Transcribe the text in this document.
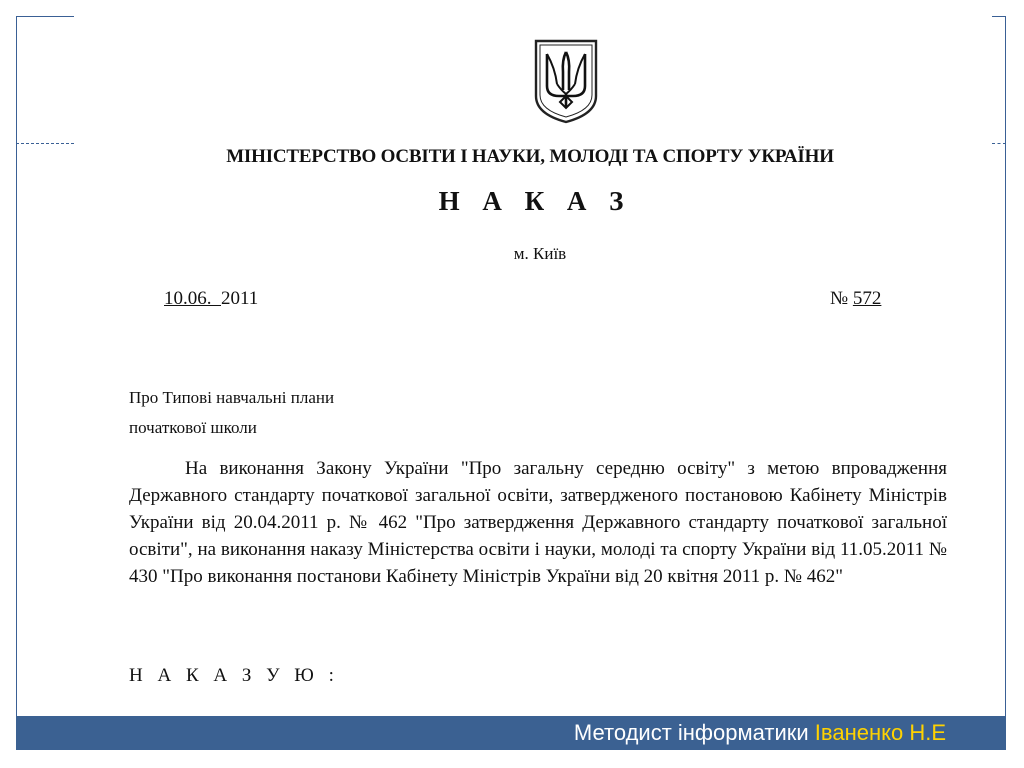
МІНІСТЕРСТВО ОСВІТИ І НАУКИ, МОЛОДІ ТА СПОРТУ УКРАЇНИ
Н А К А З
м. Київ
10.06.  2011	№ 572
Про Типові навчальні плани
початкової школи
На виконання Закону України "Про загальну середню освіту" з метою впровадження Державного стандарту початкової загальної освіти, затвердженого постановою Кабінету Міністрів України від 20.04.2011 р. № 462 "Про затвердження Державного стандарту початкової загальної освіти", на виконання наказу Міністерства освіти і науки, молоді та спорту України від 11.05.2011 № 430 "Про виконання постанови Кабінету Міністрів України від 20 квітня 2011 р. № 462"
Н А К А З У Ю :
Методист інформатики Іваненко Н.Е
